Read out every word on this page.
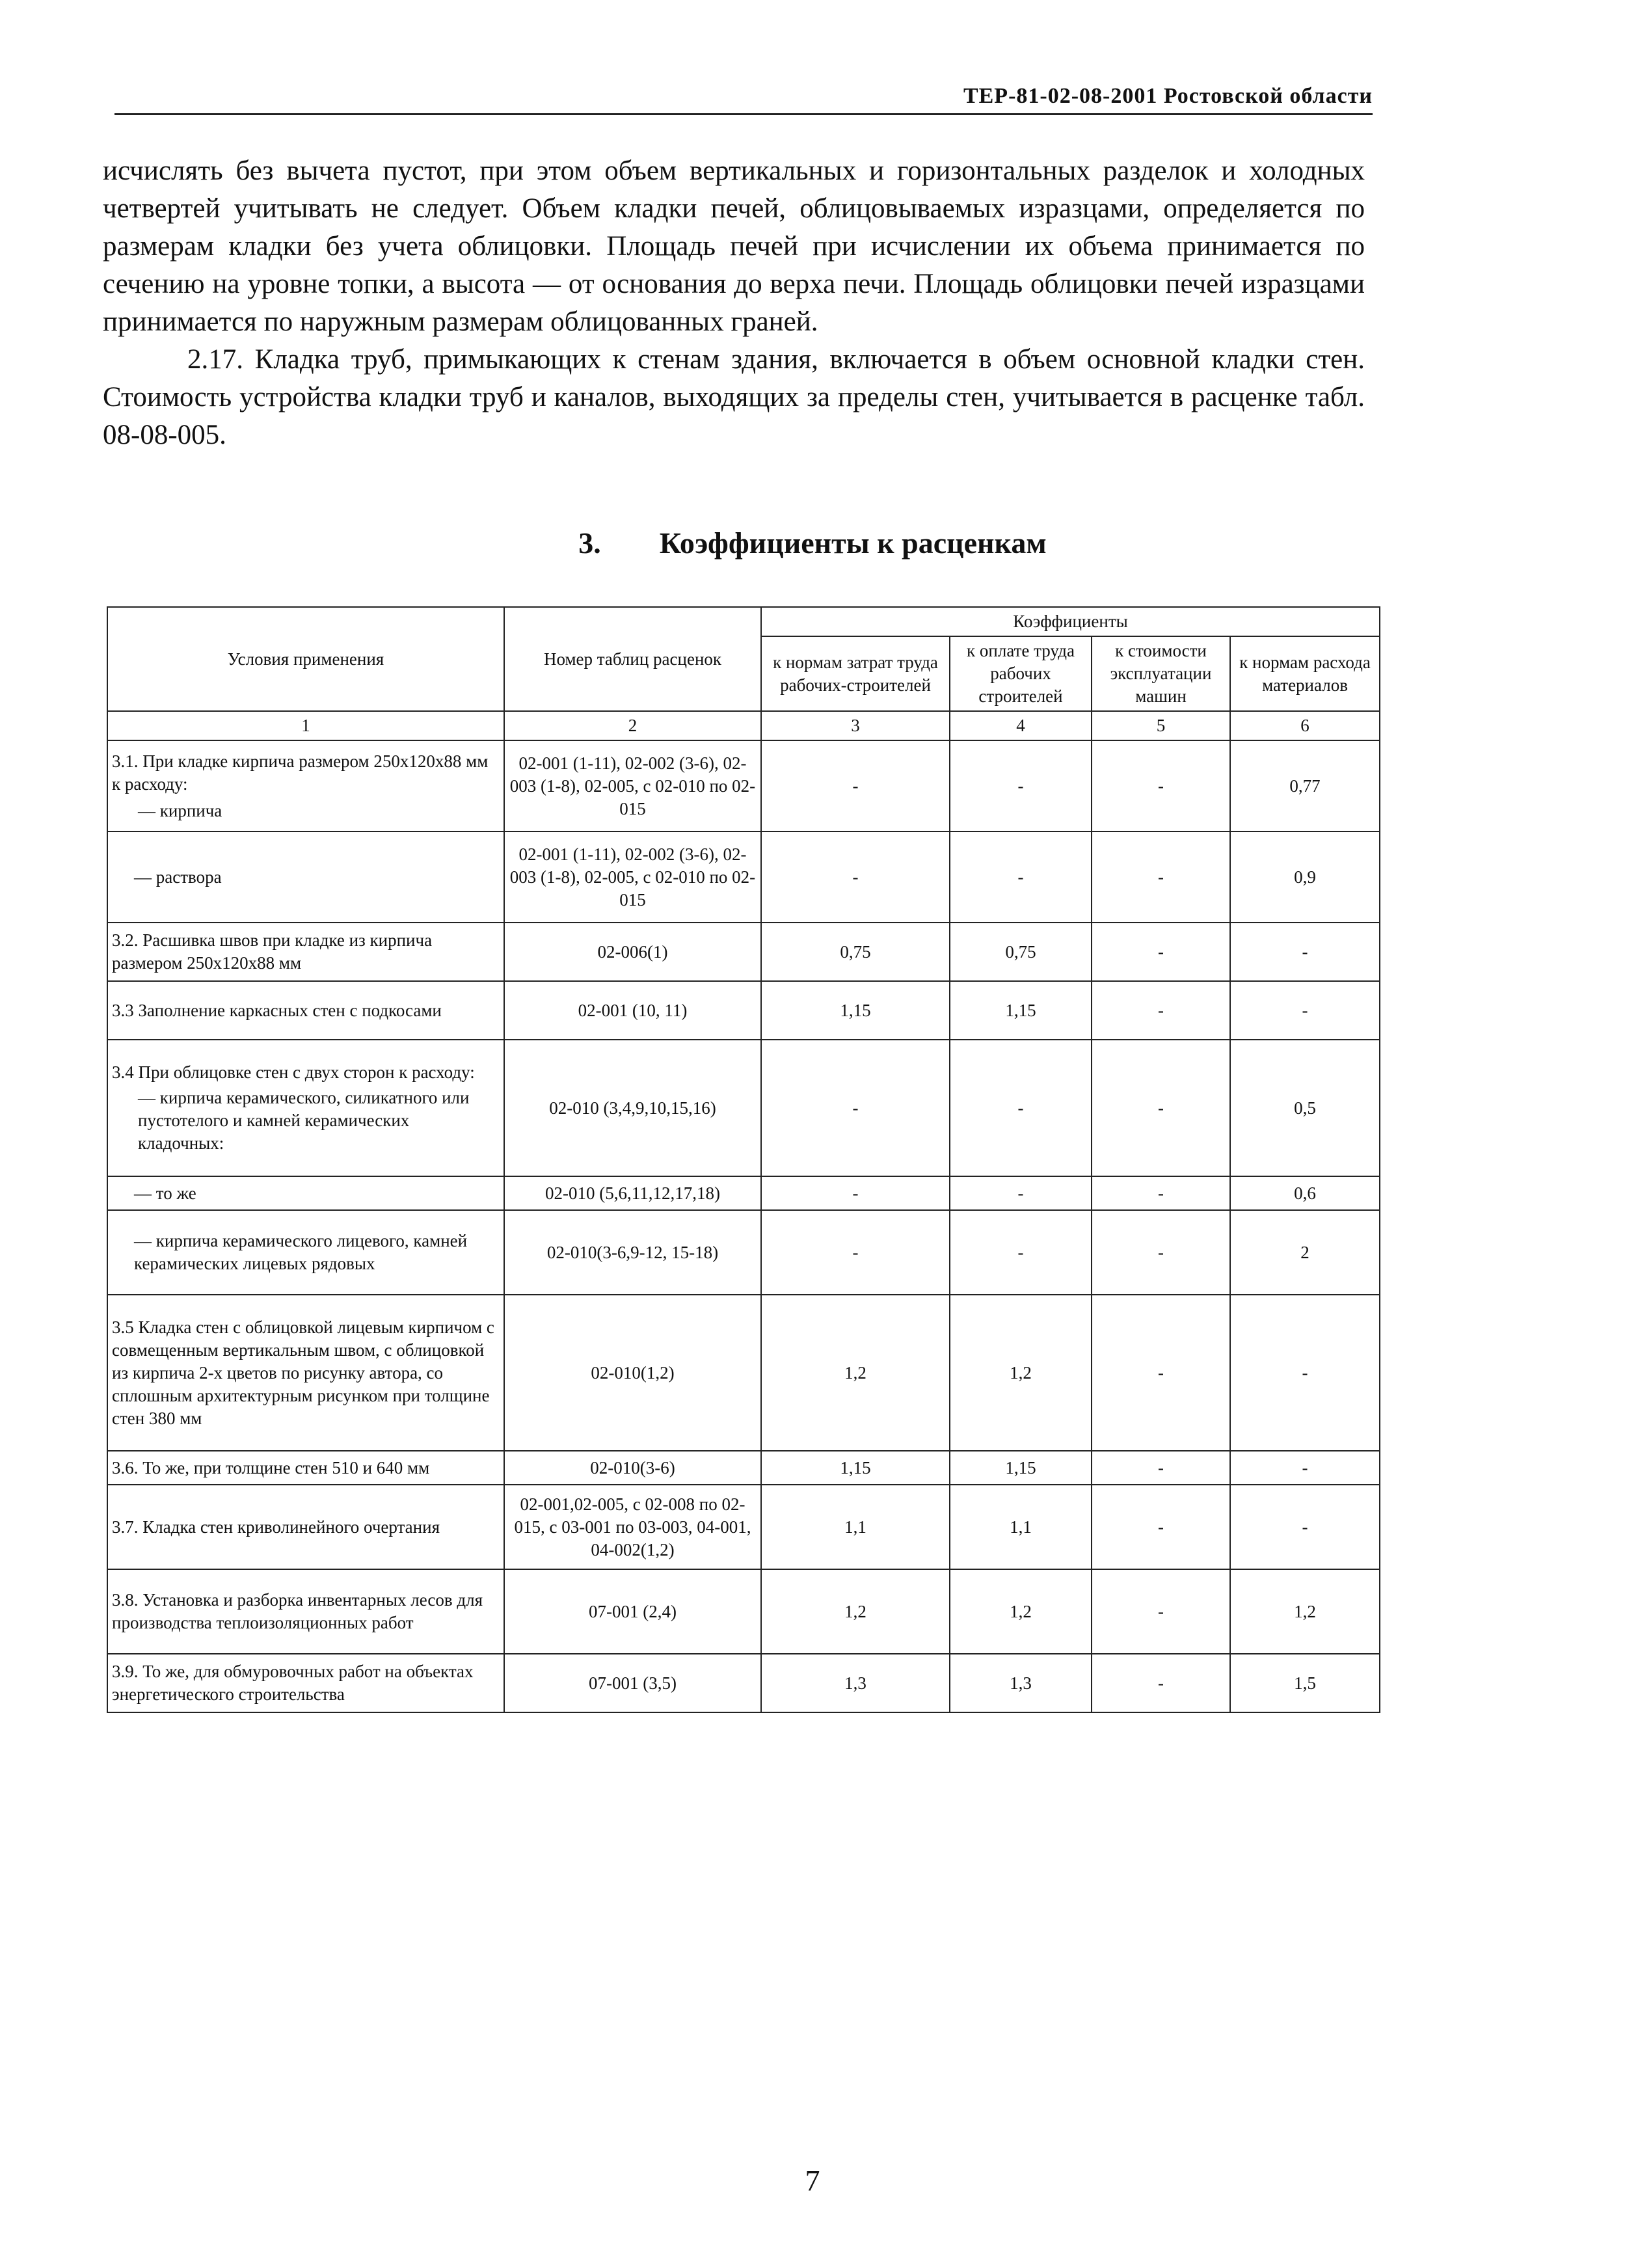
ТЕР-81-02-08-2001 Ростовской области

исчислять без вычета пустот, при этом объем вертикальных и горизонтальных разделок и холодных четвертей учитывать не следует. Объем кладки печей, облицовываемых изразцами, определяется по размерам кладки без учета облицовки. Площадь печей при исчислении их объема принимается по сечению на уровне топки, а высота — от основания до верха печи. Площадь облицовки печей изразцами принимается по наружным размерам облицованных граней.

2.17. Кладка труб, примыкающих к стенам здания, включается в объем основной кладки стен. Стоимость устройства кладки труб и каналов, выходящих за пределы стен, учитывается в расценке табл. 08-08-005.

3. Коэффициенты к расценкам
Условия применения	Номер таблиц расценок	Коэффициенты			
		к нормам затрат труда рабочих-строителей	к оплате труда рабочих строителей	к стоимости эксплуатации машин	к нормам расхода материалов
1	2	3	4	5	6

3.1. При кладке кирпича размером 250x120x88 мм к расходу:
— кирпича	02-001 (1-11), 02-002 (3-6), 02-003 (1-8), 02-005, с 02-010 по 02-015	-	-	-	0,77
— раствора	02-001 (1-11), 02-002 (3-6), 02-003 (1-8), 02-005, с 02-010 по 02-015	-	-	-	0,9
3.2. Расшивка швов при кладке из кирпича размером 250x120x88 мм	02-006(1)	0,75	0,75	-	-
3.3 Заполнение каркасных стен с подкосами	02-001 (10, 11)	1,15	1,15	-	-

3.4 При облицовке стен с двух сторон к расходу:
— кирпича керамического, силикатного или пустотелого и камней керамических кладочных:	02-010 (3,4,9,10,15,16)	-	-	-	0,5
— то же	02-010 (5,6,11,12,17,18)	-	-	-	0,6
— кирпича керамического лицевого, камней керамических лицевых рядовых	02-010(3-6,9-12, 15-18)	-	-	-	2
3.5 Кладка стен с облицовкой лицевым кирпичом с совмещенным вертикальным швом, с облицовкой из кирпича 2-х цветов по рисунку автора, со сплошным архитектурным рисунком при толщине стен 380 мм	02-010(1,2)	1,2	1,2	-	-
3.6. То же, при толщине стен 510 и 640 мм	02-010(3-6)	1,15	1,15	-	-
3.7. Кладка стен криволинейного очертания	02-001,02-005, с 02-008 по 02-015, с 03-001 по 03-003, 04-001, 04-002(1,2)	1,1	1,1	-	-
3.8. Установка и разборка инвентарных лесов для производства теплоизоляционных работ	07-001 (2,4)	1,2	1,2	-	1,2
3.9. То же, для обмуровочных работ на объектах энергетического строительства	07-001 (3,5)	1,3	1,3	-	1,5
7
